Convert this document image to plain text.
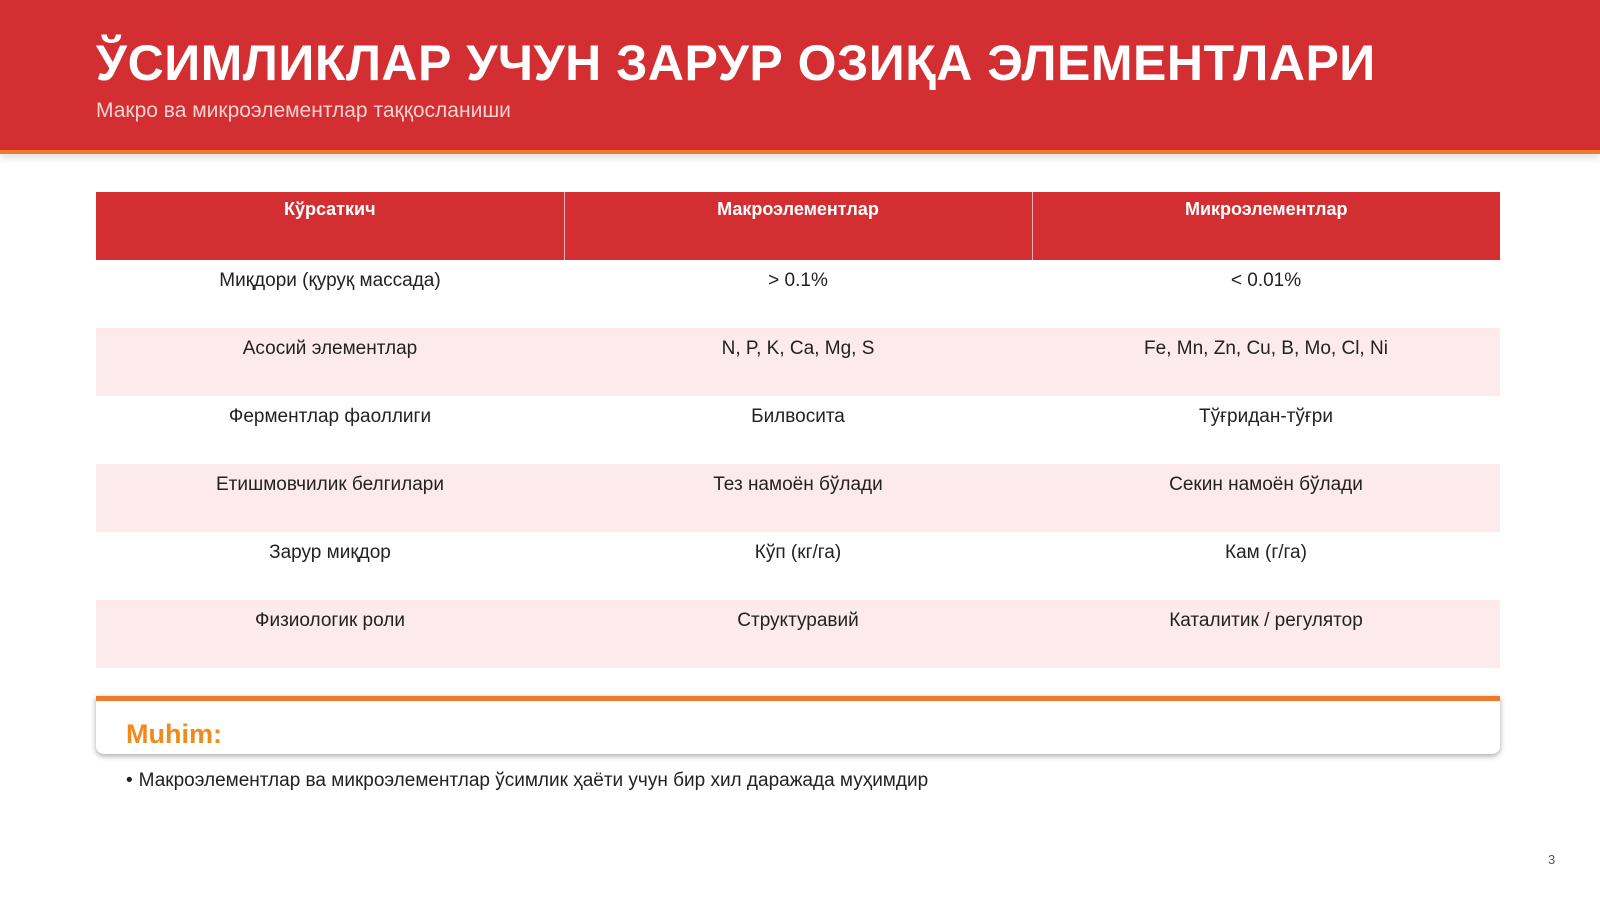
ЎСИМЛИКЛАР УЧУН ЗАРУР ОЗИҚА ЭЛЕМЕНТЛАРИ
Макро ва микроэлементлар таққосланиши
Кўрсаткич	Макроэлементлар	Микроэлементлар
Миқдори (қуруқ массада)	> 0.1%	< 0.01%
Асосий элементлар	N, P, K, Ca, Mg, S	Fe, Mn, Zn, Cu, B, Mo, Cl, Ni
Ферментлар фаоллиги	Билвосита	Тўғридан-тўғри
Етишмовчилик белгилари	Тез намоён бўлади	Секин намоён бўлади
Зарур миқдор	Кўп (кг/га)	Кам (г/га)
Физиологик роли	Структуравий	Каталитик / регулятор
Muhim:
• Макроэлементлар ва микроэлементлар ўсимлик ҳаёти учун бир хил даражада муҳимдир
3
